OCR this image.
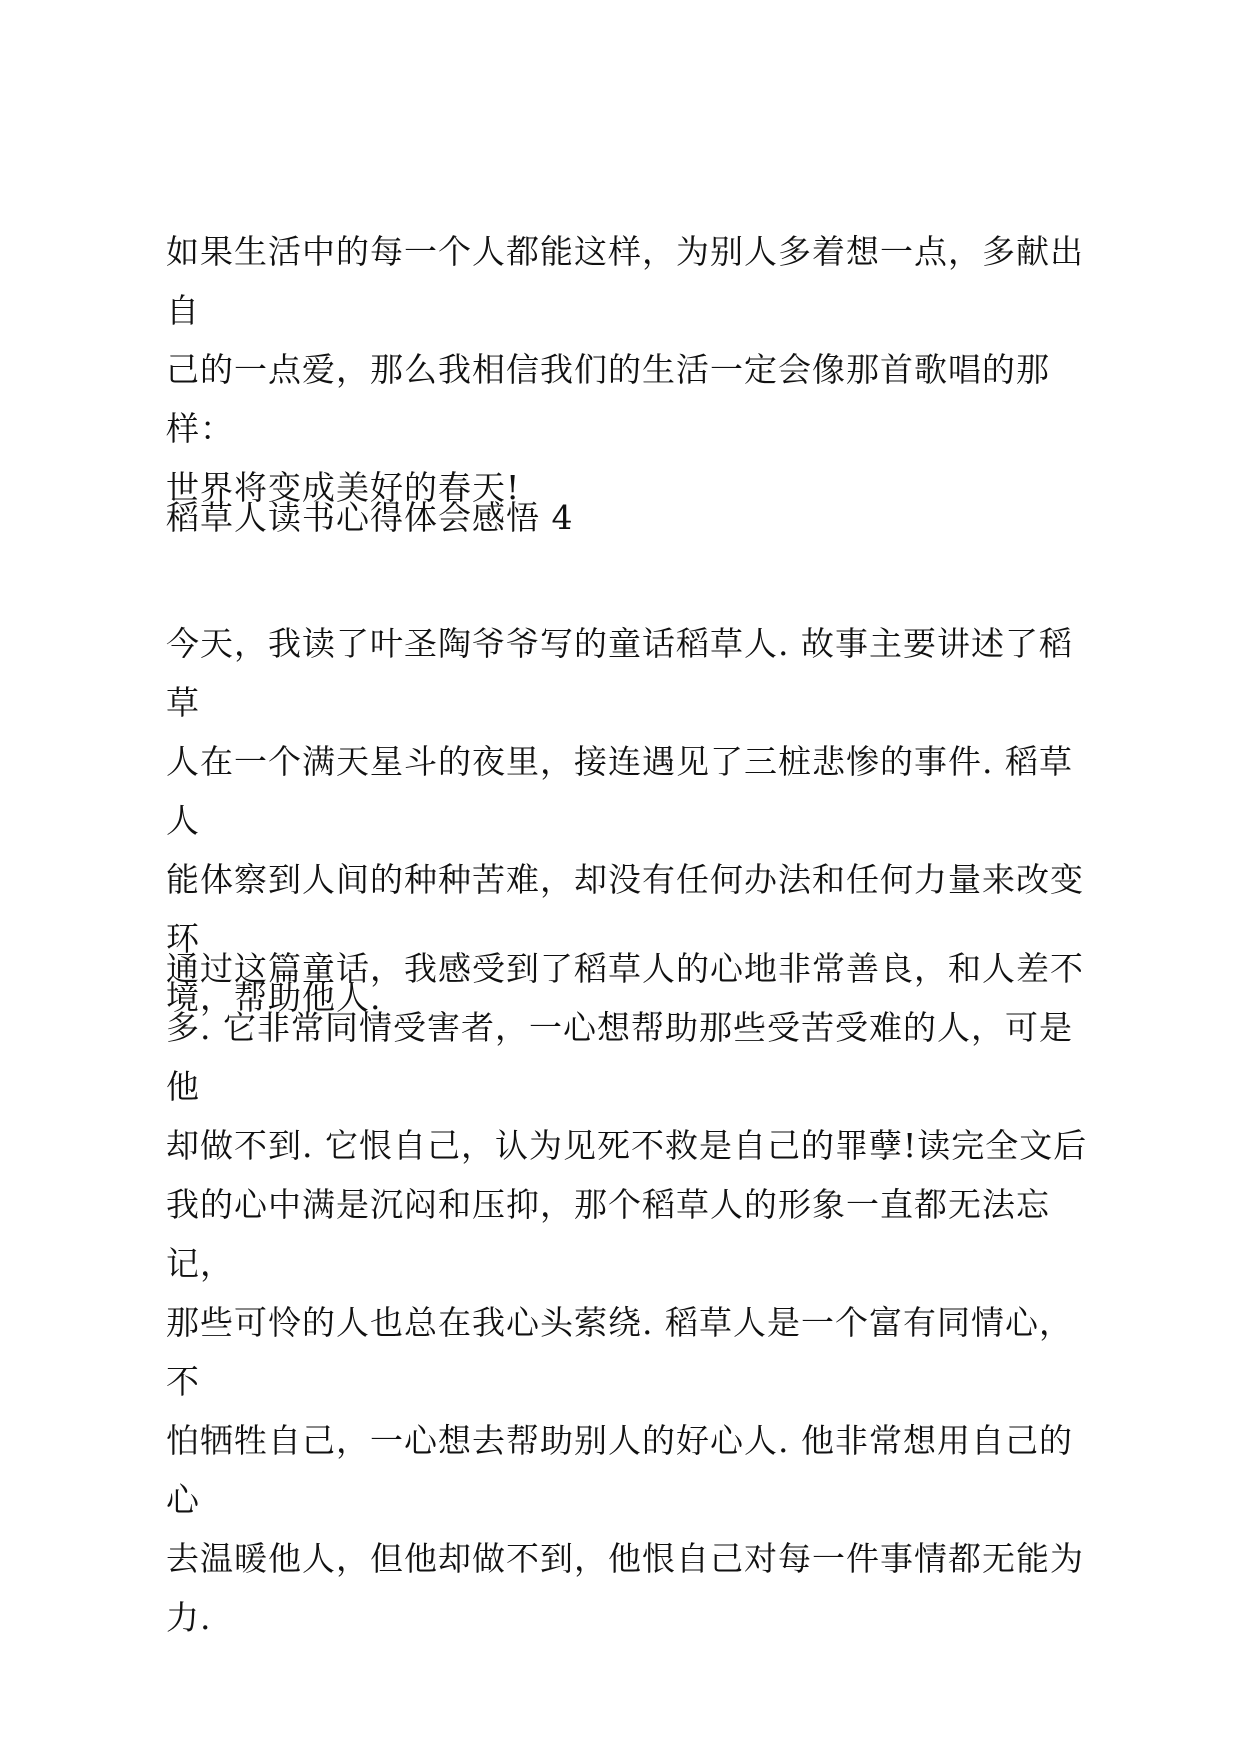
如果生活中的每一个人都能这样，为别人多着想一点，多献出自
己的一点爱，那么我相信我们的生活一定会像那首歌唱的那样：
世界将变成美好的春天!
稻草人读书心得体会感悟 4
今天，我读了叶圣陶爷爷写的童话稻草人. 故事主要讲述了稻草
人在一个满天星斗的夜里，接连遇见了三桩悲惨的事件. 稻草人
能体察到人间的种种苦难，却没有任何办法和任何力量来改变环
境，帮助他人.
通过这篇童话，我感受到了稻草人的心地非常善良，和人差不
多. 它非常同情受害者，一心想帮助那些受苦受难的人，可是他
却做不到. 它恨自己，认为见死不救是自己的罪孽!读完全文后
我的心中满是沉闷和压抑，那个稻草人的形象一直都无法忘记，
那些可怜的人也总在我心头萦绕. 稻草人是一个富有同情心，不
怕牺牲自己，一心想去帮助别人的好心人. 他非常想用自己的心
去温暖他人，但他却做不到，他恨自己对每一件事情都无能为
力.
